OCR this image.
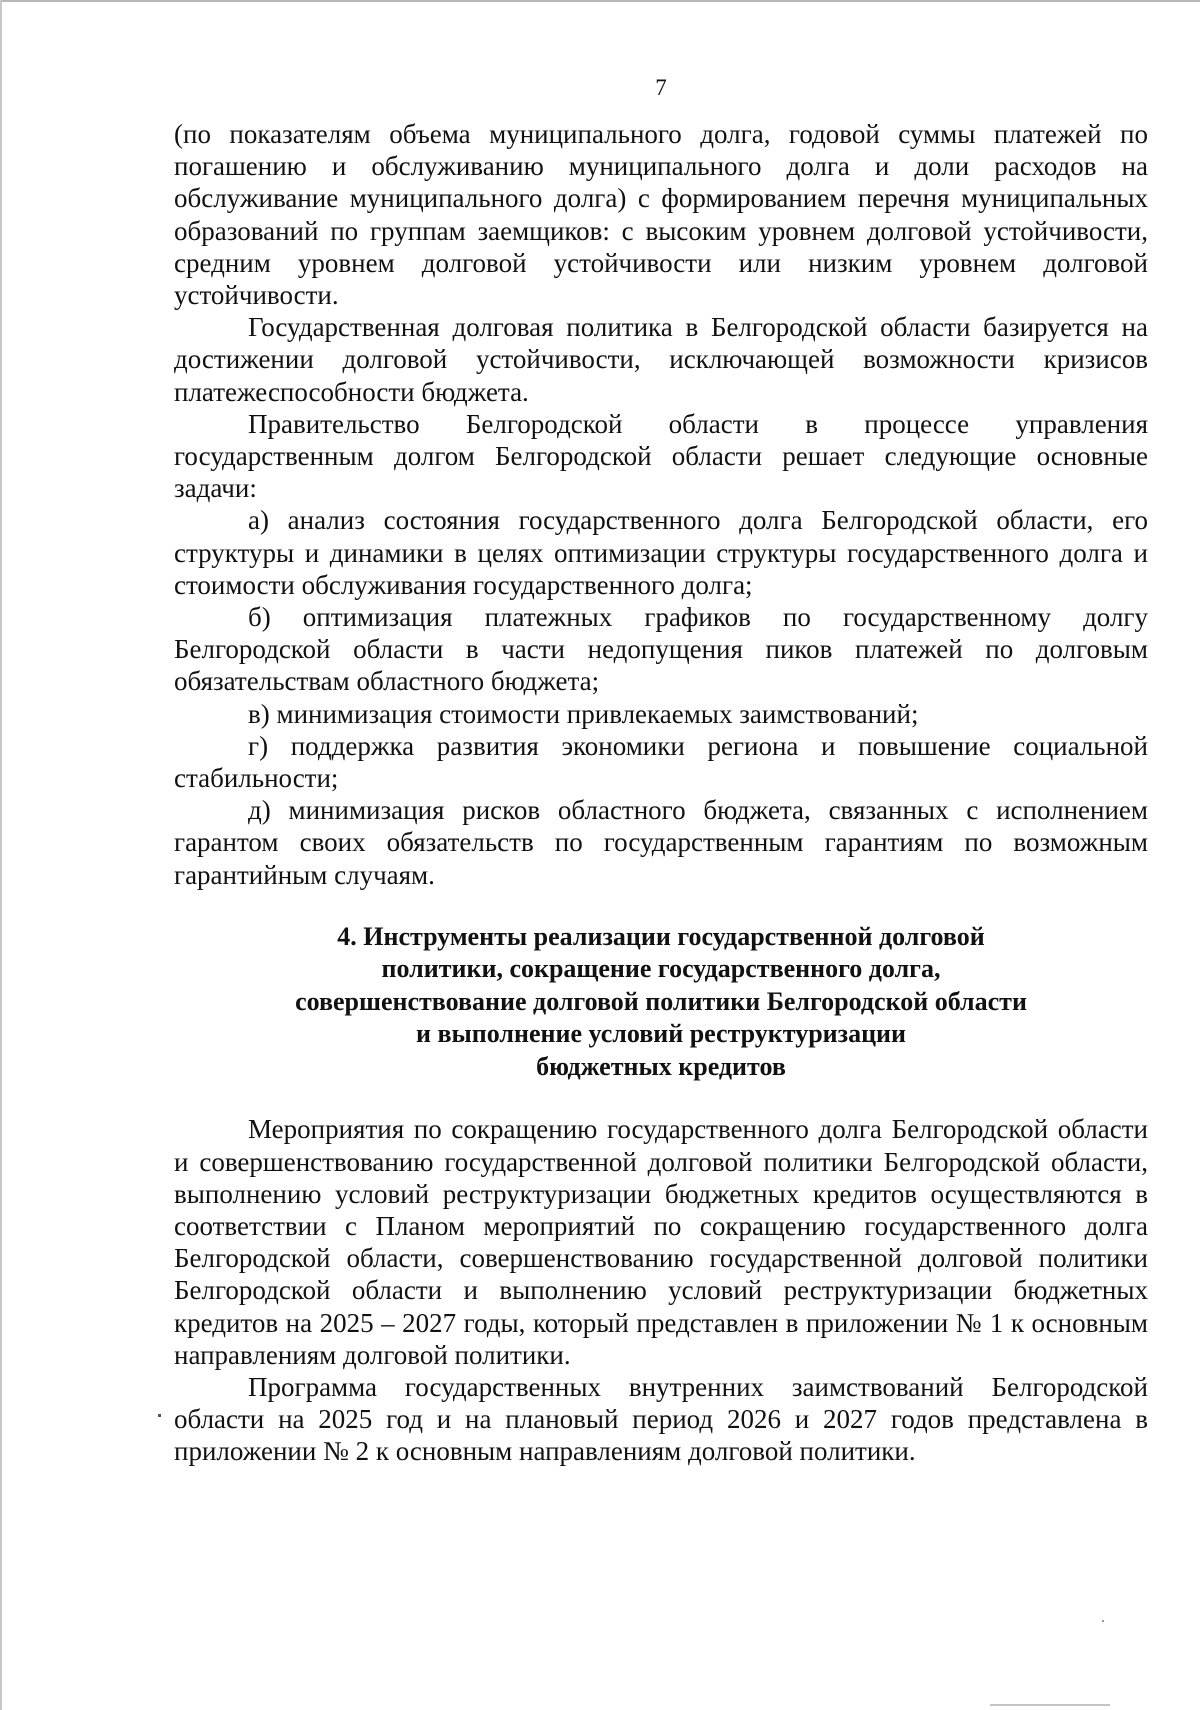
7

(по показателям объема муниципального долга, годовой суммы платежей по погашению и обслуживанию муниципального долга и доли расходов на обслуживание муниципального долга) с формированием перечня муниципальных образований по группам заемщиков: с высоким уровнем долговой устойчивости, средним уровнем долговой устойчивости или низким уровнем долговой устойчивости.

Государственная долговая политика в Белгородской области базируется на достижении долговой устойчивости, исключающей возможности кризисов платежеспособности бюджета.

Правительство Белгородской области в процессе управления государственным долгом Белгородской области решает следующие основные задачи:

а) анализ состояния государственного долга Белгородской области, его структуры и динамики в целях оптимизации структуры государственного долга и стоимости обслуживания государственного долга;

б) оптимизация платежных графиков по государственному долгу Белгородской области в части недопущения пиков платежей по долговым обязательствам областного бюджета;

в) минимизация стоимости привлекаемых заимствований;

г) поддержка развития экономики региона и повышение социальной стабильности;

д) минимизация рисков областного бюджета, связанных с исполнением гарантом своих обязательств по государственным гарантиям по возможным гарантийным случаям.

4. Инструменты реализации государственной долговой
политики, сокращение государственного долга,
совершенствование долговой политики Белгородской области
и выполнение условий реструктуризации
бюджетных кредитов

Мероприятия по сокращению государственного долга Белгородской области и совершенствованию государственной долговой политики Белгородской области, выполнению условий реструктуризации бюджетных кредитов осуществляются в соответствии с Планом мероприятий по сокращению государственного долга Белгородской области, совершенствованию государственной долговой политики Белгородской области и выполнению условий реструктуризации бюджетных кредитов на 2025 – 2027 годы, который представлен в приложении № 1 к основным направлениям долговой политики.

Программа государственных внутренних заимствований Белгородской области на 2025 год и на плановый период 2026 и 2027 годов представлена в приложении № 2 к основным направлениям долговой политики.
